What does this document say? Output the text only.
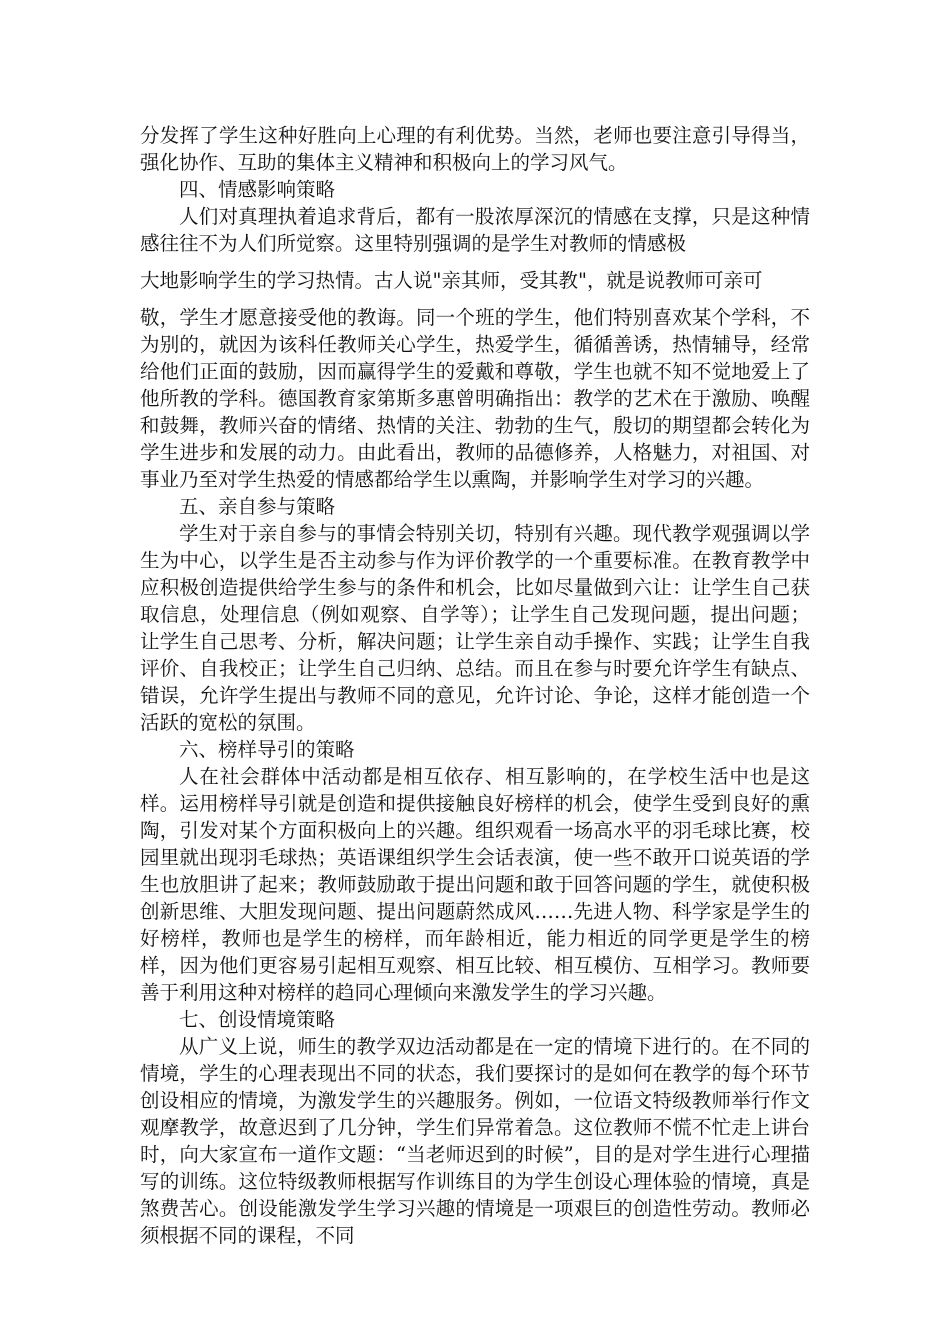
分发挥了学生这种好胜向上心理的有利优势。当然，老师也要注意引导得当，强化协作、互助的集体主义精神和积极向上的学习风气。

四、情感影响策略

人们对真理执着追求背后，都有一股浓厚深沉的情感在支撑，只是这种情感往往不为人们所觉察。这里特别强调的是学生对教师的情感极

大地影响学生的学习热情。古人说"亲其师，受其教"，就是说教师可亲可

敬，学生才愿意接受他的教诲。同一个班的学生，他们特别喜欢某个学科，不为别的，就因为该科任教师关心学生，热爱学生，循循善诱，热情辅导，经常给他们正面的鼓励，因而赢得学生的爱戴和尊敬，学生也就不知不觉地爱上了他所教的学科。德国教育家第斯多惠曾明确指出：教学的艺术在于激励、唤醒和鼓舞，教师兴奋的情绪、热情的关注、勃勃的生气，殷切的期望都会转化为学生进步和发展的动力。由此看出，教师的品德修养，人格魅力，对祖国、对事业乃至对学生热爱的情感都给学生以熏陶，并影响学生对学习的兴趣。

五、亲自参与策略

学生对于亲自参与的事情会特别关切，特别有兴趣。现代教学观强调以学生为中心，以学生是否主动参与作为评价教学的一个重要标准。在教育教学中应积极创造提供给学生参与的条件和机会，比如尽量做到六让：让学生自己获取信息，处理信息（例如观察、自学等）；让学生自己发现问题，提出问题；让学生自己思考、分析，解决问题；让学生亲自动手操作、实践；让学生自我评价、自我校正；让学生自己归纳、总结。而且在参与时要允许学生有缺点、错误，允许学生提出与教师不同的意见，允许讨论、争论，这样才能创造一个活跃的宽松的氛围。

六、榜样导引的策略

人在社会群体中活动都是相互依存、相互影响的，在学校生活中也是这样。运用榜样导引就是创造和提供接触良好榜样的机会，使学生受到良好的熏陶，引发对某个方面积极向上的兴趣。组织观看一场高水平的羽毛球比赛，校园里就出现羽毛球热；英语课组织学生会话表演，使一些不敢开口说英语的学生也放胆讲了起来；教师鼓励敢于提出问题和敢于回答问题的学生，就使积极创新思维、大胆发现问题、提出问题蔚然成风……先进人物、科学家是学生的好榜样，教师也是学生的榜样，而年龄相近，能力相近的同学更是学生的榜样，因为他们更容易引起相互观察、相互比较、相互模仿、互相学习。教师要善于利用这种对榜样的趋同心理倾向来激发学生的学习兴趣。

七、创设情境策略

从广义上说，师生的教学双边活动都是在一定的情境下进行的。在不同的情境，学生的心理表现出不同的状态，我们要探讨的是如何在教学的每个环节创设相应的情境，为激发学生的兴趣服务。例如，一位语文特级教师举行作文观摩教学，故意迟到了几分钟，学生们异常着急。这位教师不慌不忙走上讲台时，向大家宣布一道作文题：“当老师迟到的时候”，目的是对学生进行心理描写的训练。这位特级教师根据写作训练目的为学生创设心理体验的情境，真是煞费苦心。创设能激发学生学习兴趣的情境是一项艰巨的创造性劳动。教师必须根据不同的课程，不同
